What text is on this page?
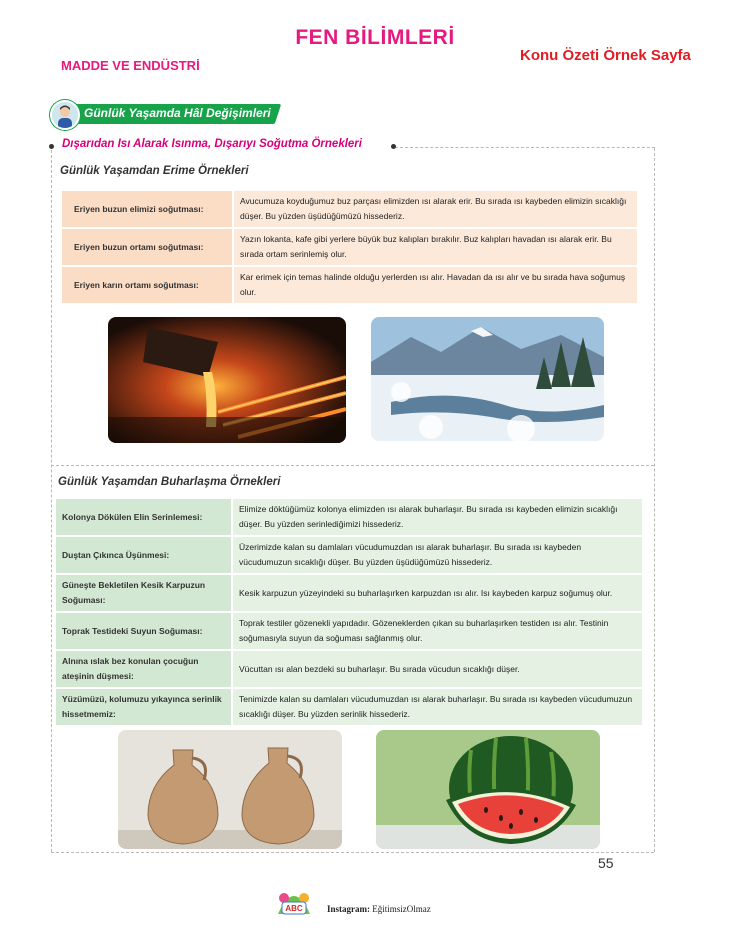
FEN BİLİMLERİ
MADDE VE ENDÜSTRİ
Konu Özeti Örnek Sayfa
Günlük Yaşamda Hâl Değişimleri
Dışarıdan Isı Alarak Isınma, Dışarıyı Soğutma Örnekleri
Günlük Yaşamdan Erime Örnekleri
Eriyen buzun elimizi soğutması:	Avucumuza koyduğumuz buz parçası elimizden ısı alarak erir. Bu sırada ısı kaybeden elimizin sıcaklığı düşer. Bu yüzden üşüdüğümüzü hissederiz.
Eriyen buzun ortamı soğutması:	Yazın lokanta, kafe gibi yerlere büyük buz kalıpları bırakılır. Buz kalıpları havadan ısı alarak erir. Bu sırada ortam serinlemiş olur.
Eriyen karın ortamı soğutması:	Kar erimek için temas halinde olduğu yerlerden ısı alır. Havadan da ısı alır ve bu sırada hava soğumuş olur.
Günlük Yaşamdan Buharlaşma Örnekleri
Kolonya Dökülen Elin Serinlemesi:	Elimize döktüğümüz kolonya elimizden ısı alarak buharlaşır. Bu sırada ısı kaybeden elimizin sıcaklığı düşer. Bu yüzden serinlediğimizi hissederiz.
Duştan Çıkınca Üşünmesi:	Üzerimizde kalan su damlaları vücudumuzdan ısı alarak buharlaşır. Bu sırada ısı kaybeden vücudumuzun sıcaklığı düşer. Bu yüzden üşüdüğümüzü hissederiz.
Güneşte Bekletilen Kesik Karpuzun Soğuması:	Kesik karpuzun yüzeyindeki su buharlaşırken karpuzdan ısı alır. Isı kaybeden karpuz soğumuş olur.
Toprak Testideki Suyun Soğuması:	Toprak testiler gözenekli yapıdadır. Gözeneklerden çıkan su buharlaşırken testiden ısı alır. Testinin soğumasıyla suyun da soğuması sağlanmış olur.
Alnına ıslak bez konulan çocuğun ateşinin düşmesi:	Vücuttan ısı alan bezdeki su buharlaşır. Bu sırada vücudun sıcaklığı düşer.
Yüzümüzü, kolumuzu yıkayınca serinlik hissetmemiz:	Tenimizde kalan su damlaları vücudumuzdan ısı alarak buharlaşır. Bu sırada ısı kaybeden vücudumuzun sıcaklığı düşer. Bu yüzden serinlik hissederiz.
55
ABC	Instagram: EğitimsizOlmaz
